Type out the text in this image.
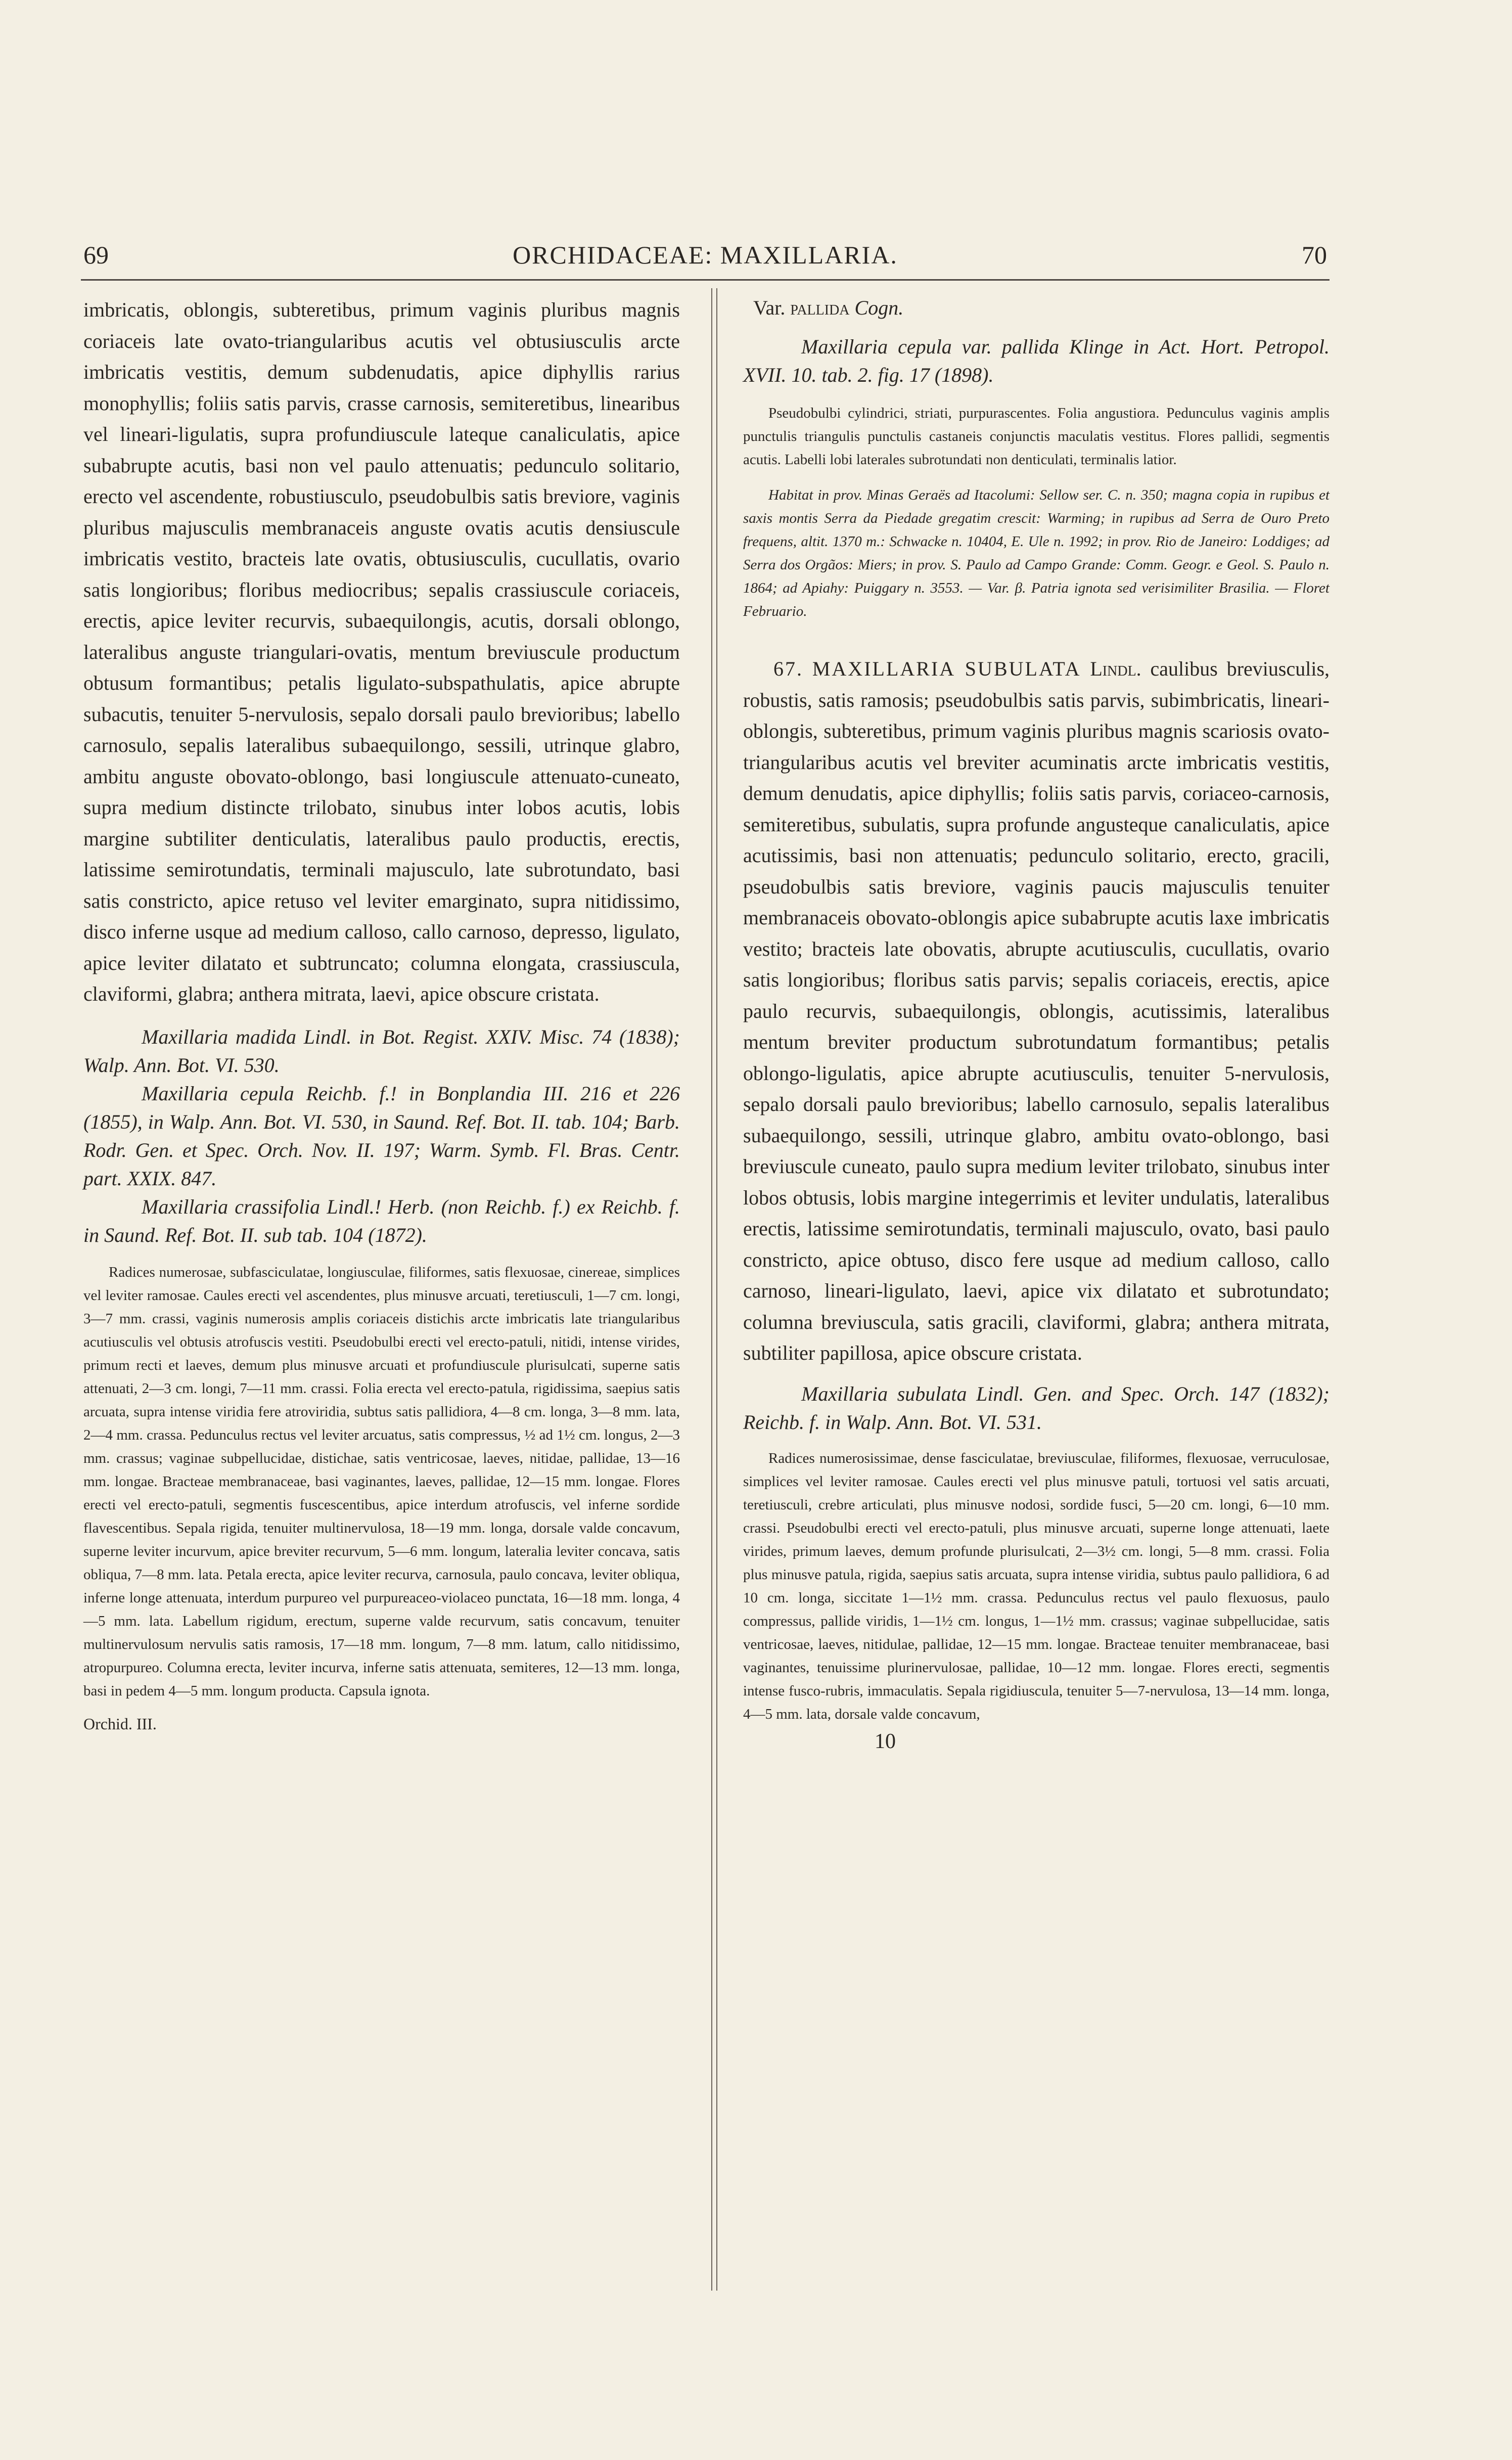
69	ORCHIDACEAE: MAXILLARIA.	70

imbricatis, oblongis, subteretibus, primum vaginis pluribus magnis coriaceis late ovato-triangularibus acutis vel obtusiusculis arcte imbricatis vestitis, demum subdenudatis, apice diphyllis rarius monophyllis; foliis satis parvis, crasse carnosis, semiteretibus, linearibus vel lineari-ligulatis, supra profundiuscule lateque canaliculatis, apice subabrupte acutis, basi non vel paulo attenuatis; pedunculo solitario, erecto vel ascendente, robustiusculo, pseudobulbis satis breviore, vaginis pluribus majusculis membranaceis anguste ovatis acutis densiuscule imbricatis vestito, bracteis late ovatis, obtusiusculis, cucullatis, ovario satis longioribus; floribus mediocribus; sepalis crassiuscule coriaceis, erectis, apice leviter recurvis, subaequilongis, acutis, dorsali oblongo, lateralibus anguste triangulari-ovatis, mentum breviuscule productum obtusum formantibus; petalis ligulato-subspathulatis, apice abrupte subacutis, tenuiter 5-nervulosis, sepalo dorsali paulo brevioribus; labello carnosulo, sepalis lateralibus subaequilongo, sessili, utrinque glabro, ambitu anguste obovato-oblongo, basi longiuscule attenuato-cuneato, supra medium distincte trilobato, sinubus inter lobos acutis, lobis margine subtiliter denticulatis, lateralibus paulo productis, erectis, latissime semirotundatis, terminali majusculo, late subrotundato, basi satis constricto, apice retuso vel leviter emarginato, supra nitidissimo, disco inferne usque ad medium calloso, callo carnoso, depresso, ligulato, apice leviter dilatato et subtruncato; columna elongata, crassiuscula, claviformi, glabra; anthera mitrata, laevi, apice obscure cristata.

Maxillaria madida Lindl. in Bot. Regist. XXIV. Misc. 74 (1838); Walp. Ann. Bot. VI. 530.

Maxillaria cepula Reichb. f.! in Bonplandia III. 216 et 226 (1855), in Walp. Ann. Bot. VI. 530, in Saund. Ref. Bot. II. tab. 104; Barb. Rodr. Gen. et Spec. Orch. Nov. II. 197; Warm. Symb. Fl. Bras. Centr. part. XXIX. 847.

Maxillaria crassifolia Lindl.! Herb. (non Reichb. f.) ex Reichb. f. in Saund. Ref. Bot. II. sub tab. 104 (1872).

Radices numerosae, subfasciculatae, longiusculae, filiformes, satis flexuosae, cinereae, simplices vel leviter ramosae. Caules erecti vel ascendentes, plus minusve arcuati, teretiusculi, 1—7 cm. longi, 3—7 mm. crassi, vaginis numerosis amplis coriaceis distichis arcte imbricatis late triangularibus acutiusculis vel obtusis atrofuscis vestiti. Pseudobulbi erecti vel erecto-patuli, nitidi, intense virides, primum recti et laeves, demum plus minusve arcuati et profundiuscule plurisulcati, superne satis attenuati, 2—3 cm. longi, 7—11 mm. crassi. Folia erecta vel erecto-patula, rigidissima, saepius satis arcuata, supra intense viridia fere atroviridia, subtus satis pallidiora, 4—8 cm. longa, 3—8 mm. lata, 2—4 mm. crassa. Pedunculus rectus vel leviter arcuatus, satis compressus, ½ ad 1½ cm. longus, 2—3 mm. crassus; vaginae subpellucidae, distichae, satis ventricosae, laeves, nitidae, pallidae, 13—16 mm. longae. Bracteae membranaceae, basi vaginantes, laeves, pallidae, 12—15 mm. longae. Flores erecti vel erecto-patuli, segmentis fuscescentibus, apice interdum atrofuscis, vel inferne sordide flavescentibus. Sepala rigida, tenuiter multinervulosa, 18—19 mm. longa, dorsale valde concavum, superne leviter incurvum, apice breviter recurvum, 5—6 mm. longum, lateralia leviter concava, satis obliqua, 7—8 mm. lata. Petala erecta, apice leviter recurva, carnosula, paulo concava, leviter obliqua, inferne longe attenuata, interdum purpureo vel purpureaceo-violaceo punctata, 16—18 mm. longa, 4—5 mm. lata. Labellum rigidum, erectum, superne valde recurvum, satis concavum, tenuiter multinervulosum nervulis satis ramosis, 17—18 mm. longum, 7—8 mm. latum, callo nitidissimo, atropurpureo. Columna erecta, leviter incurva, inferne satis attenuata, semiteres, 12—13 mm. longa, basi in pedem 4—5 mm. longum producta. Capsula ignota.

Orchid. III.

Var. pallida Cogn.

Maxillaria cepula var. pallida Klinge in Act. Hort. Petropol. XVII. 10. tab. 2. fig. 17 (1898).

Pseudobulbi cylindrici, striati, purpurascentes. Folia angustiora. Pedunculus vaginis amplis punctulis triangulis punctulis castaneis conjunctis maculatis vestitus. Flores pallidi, segmentis acutis. Labelli lobi laterales subrotundati non denticulati, terminalis latior.

Habitat in prov. Minas Geraës ad Itacolumi: Sellow ser. C. n. 350; magna copia in rupibus et saxis montis Serra da Piedade gregatim crescit: Warming; in rupibus ad Serra de Ouro Preto frequens, altit. 1370 m.: Schwacke n. 10404, E. Ule n. 1992; in prov. Rio de Janeiro: Loddiges; ad Serra dos Orgãos: Miers; in prov. S. Paulo ad Campo Grande: Comm. Geogr. e Geol. S. Paulo n. 1864; ad Apiahy: Puiggary n. 3553. — Var. β. Patria ignota sed verisimiliter Brasilia. — Floret Februario.

67. MAXILLARIA SUBULATA Lindl. caulibus breviusculis, robustis, satis ramosis; pseudobulbis satis parvis, subimbricatis, lineari-oblongis, subteretibus, primum vaginis pluribus magnis scariosis ovato-triangularibus acutis vel breviter acuminatis arcte imbricatis vestitis, demum denudatis, apice diphyllis; foliis satis parvis, coriaceo-carnosis, semiteretibus, subulatis, supra profunde angusteque canaliculatis, apice acutissimis, basi non attenuatis; pedunculo solitario, erecto, gracili, pseudobulbis satis breviore, vaginis paucis majusculis tenuiter membranaceis obovato-oblongis apice subabrupte acutis laxe imbricatis vestito; bracteis late obovatis, abrupte acutiusculis, cucullatis, ovario satis longioribus; floribus satis parvis; sepalis coriaceis, erectis, apice paulo recurvis, subaequilongis, oblongis, acutissimis, lateralibus mentum breviter productum subrotundatum formantibus; petalis oblongo-ligulatis, apice abrupte acutiusculis, tenuiter 5-nervulosis, sepalo dorsali paulo brevioribus; labello carnosulo, sepalis lateralibus subaequilongo, sessili, utrinque glabro, ambitu ovato-oblongo, basi breviuscule cuneato, paulo supra medium leviter trilobato, sinubus inter lobos obtusis, lobis margine integerrimis et leviter undulatis, lateralibus erectis, latissime semirotundatis, terminali majusculo, ovato, basi paulo constricto, apice obtuso, disco fere usque ad medium calloso, callo carnoso, lineari-ligulato, laevi, apice vix dilatato et subrotundato; columna breviuscula, satis gracili, claviformi, glabra; anthera mitrata, subtiliter papillosa, apice obscure cristata.

Maxillaria subulata Lindl. Gen. and Spec. Orch. 147 (1832); Reichb. f. in Walp. Ann. Bot. VI. 531.

Radices numerosissimae, dense fasciculatae, breviusculae, filiformes, flexuosae, verruculosae, simplices vel leviter ramosae. Caules erecti vel plus minusve patuli, tortuosi vel satis arcuati, teretiusculi, crebre articulati, plus minusve nodosi, sordide fusci, 5—20 cm. longi, 6—10 mm. crassi. Pseudobulbi erecti vel erecto-patuli, plus minusve arcuati, superne longe attenuati, laete virides, primum laeves, demum profunde plurisulcati, 2—3½ cm. longi, 5—8 mm. crassi. Folia plus minusve patula, rigida, saepius satis arcuata, supra intense viridia, subtus paulo pallidiora, 6 ad 10 cm. longa, siccitate 1—1½ mm. crassa. Pedunculus rectus vel paulo flexuosus, paulo compressus, pallide viridis, 1—1½ cm. longus, 1—1½ mm. crassus; vaginae subpellucidae, satis ventricosae, laeves, nitidulae, pallidae, 12—15 mm. longae. Bracteae tenuiter membranaceae, basi vaginantes, tenuissime plurinervulosae, pallidae, 10—12 mm. longae. Flores erecti, segmentis intense fusco-rubris, immaculatis. Sepala rigidiuscula, tenuiter 5—7-nervulosa, 13—14 mm. longa, 4—5 mm. lata, dorsale valde concavum,

10
